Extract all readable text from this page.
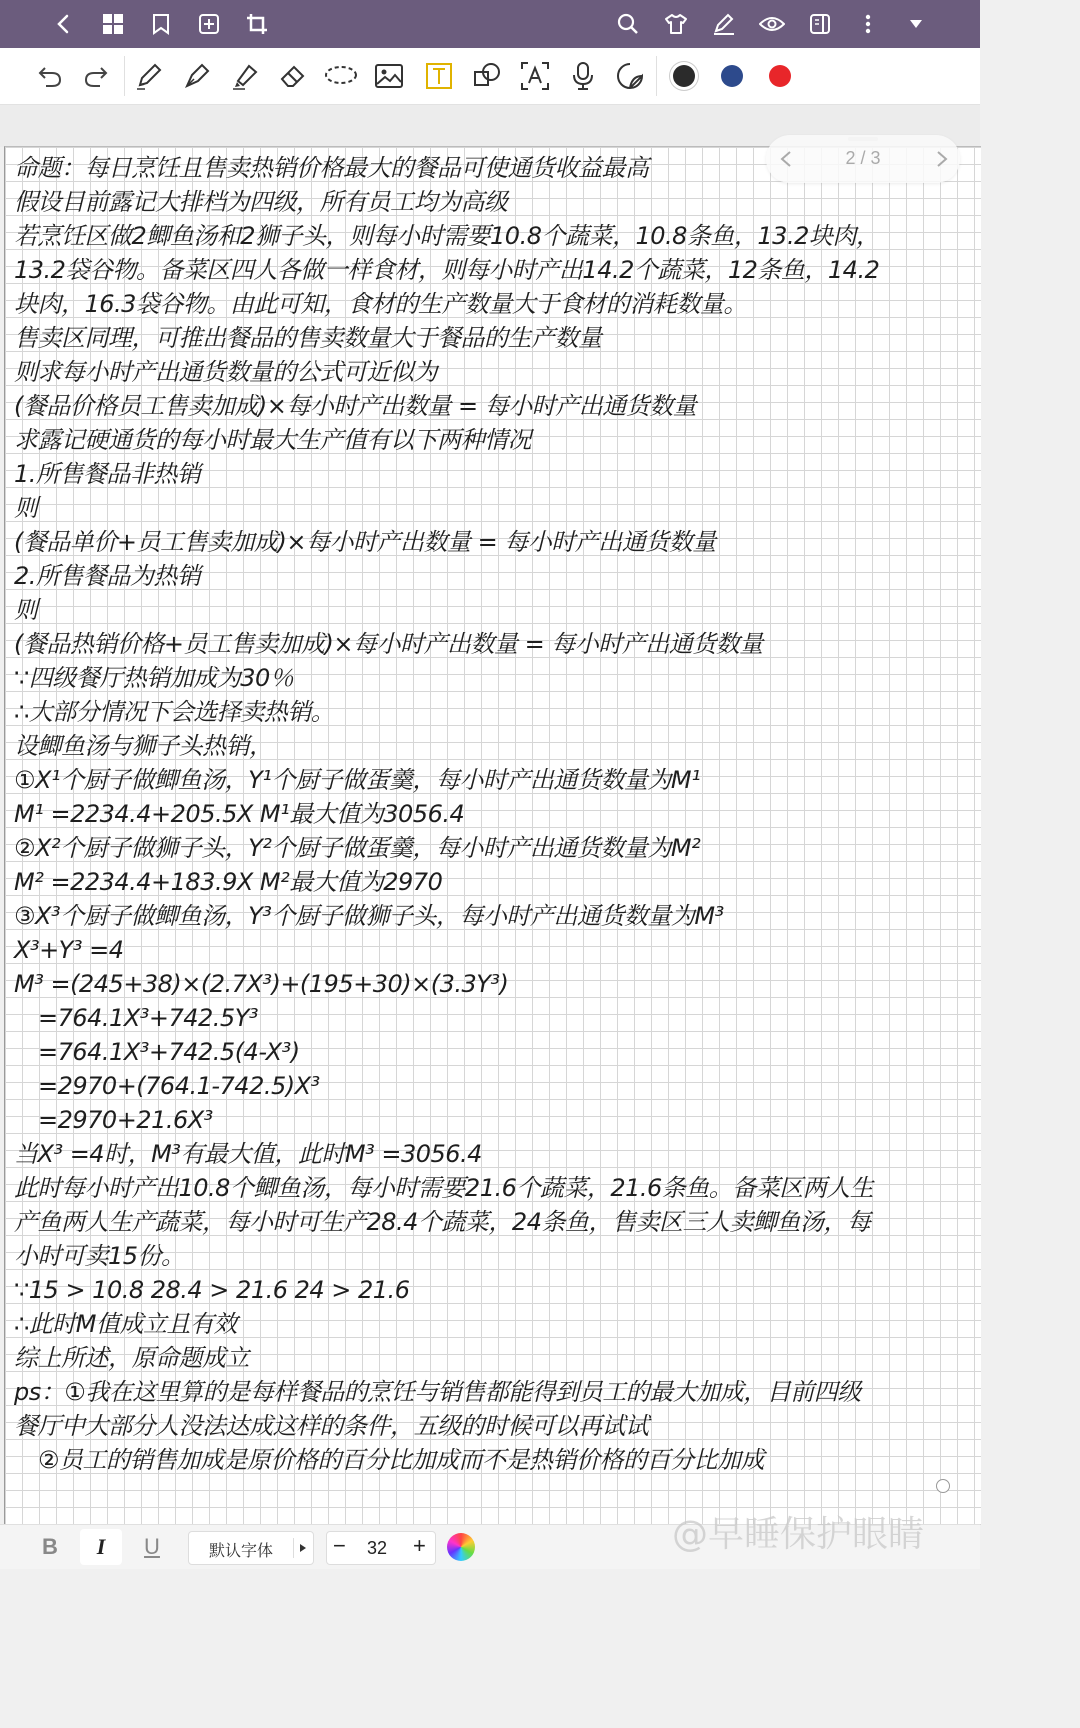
2 / 3
命题：每日烹饪且售卖热销价格最大的餐品可使通货收益最高
假设目前露记大排档为四级，所有员工均为高级
若烹饪区做2鲫鱼汤和2狮子头，则每小时需要10.8个蔬菜，10.8条鱼，13.2块肉，
13.2袋谷物。备菜区四人各做一样食材，则每小时产出14.2个蔬菜，12条鱼，14.2
块肉，16.3袋谷物。由此可知，食材的生产数量大于食材的消耗数量。
售卖区同理，可推出餐品的售卖数量大于餐品的生产数量
则求每小时产出通货数量的公式可近似为
(餐品价格员工售卖加成)×每小时产出数量 = 每小时产出通货数量
求露记硬通货的每小时最大生产值有以下两种情况
1.所售餐品非热销
则
(餐品单价+员工售卖加成)×每小时产出数量 = 每小时产出通货数量
2.所售餐品为热销
则
(餐品热销价格+员工售卖加成)×每小时产出数量 = 每小时产出通货数量
∵四级餐厅热销加成为30％
∴大部分情况下会选择卖热销。
设鲫鱼汤与狮子头热销，
①X¹个厨子做鲫鱼汤，Y¹个厨子做蛋羹，每小时产出通货数量为M¹
M¹ =2234.4+205.5X M¹最大值为3056.4
②X²个厨子做狮子头，Y²个厨子做蛋羹，每小时产出通货数量为M²
M² =2234.4+183.9X M²最大值为2970
③X³个厨子做鲫鱼汤，Y³个厨子做狮子头，每小时产出通货数量为M³
X³+Y³ =4
M³ =(245+38)×(2.7X³)+(195+30)×(3.3Y³)
=764.1X³+742.5Y³
=764.1X³+742.5(4-X³)
=2970+(764.1-742.5)X³
=2970+21.6X³
当X³ =4时，M³有最大值，此时M³ =3056.4
此时每小时产出10.8个鲫鱼汤，每小时需要21.6个蔬菜，21.6条鱼。备菜区两人生
产鱼两人生产蔬菜，每小时可生产28.4个蔬菜，24条鱼，售卖区三人卖鲫鱼汤，每
小时可卖15份。
∵15 > 10.8 28.4 > 21.6 24 > 21.6
∴此时M值成立且有效
综上所述，原命题成立
ps：①我在这里算的是每样餐品的烹饪与销售都能得到员工的最大加成，目前四级
餐厅中大部分人没法达成这样的条件，五级的时候可以再试试
②员工的销售加成是原价格的百分比加成而不是热销价格的百分比加成
B	I	U	默认字体	− 32 +	@早睡保护眼睛
